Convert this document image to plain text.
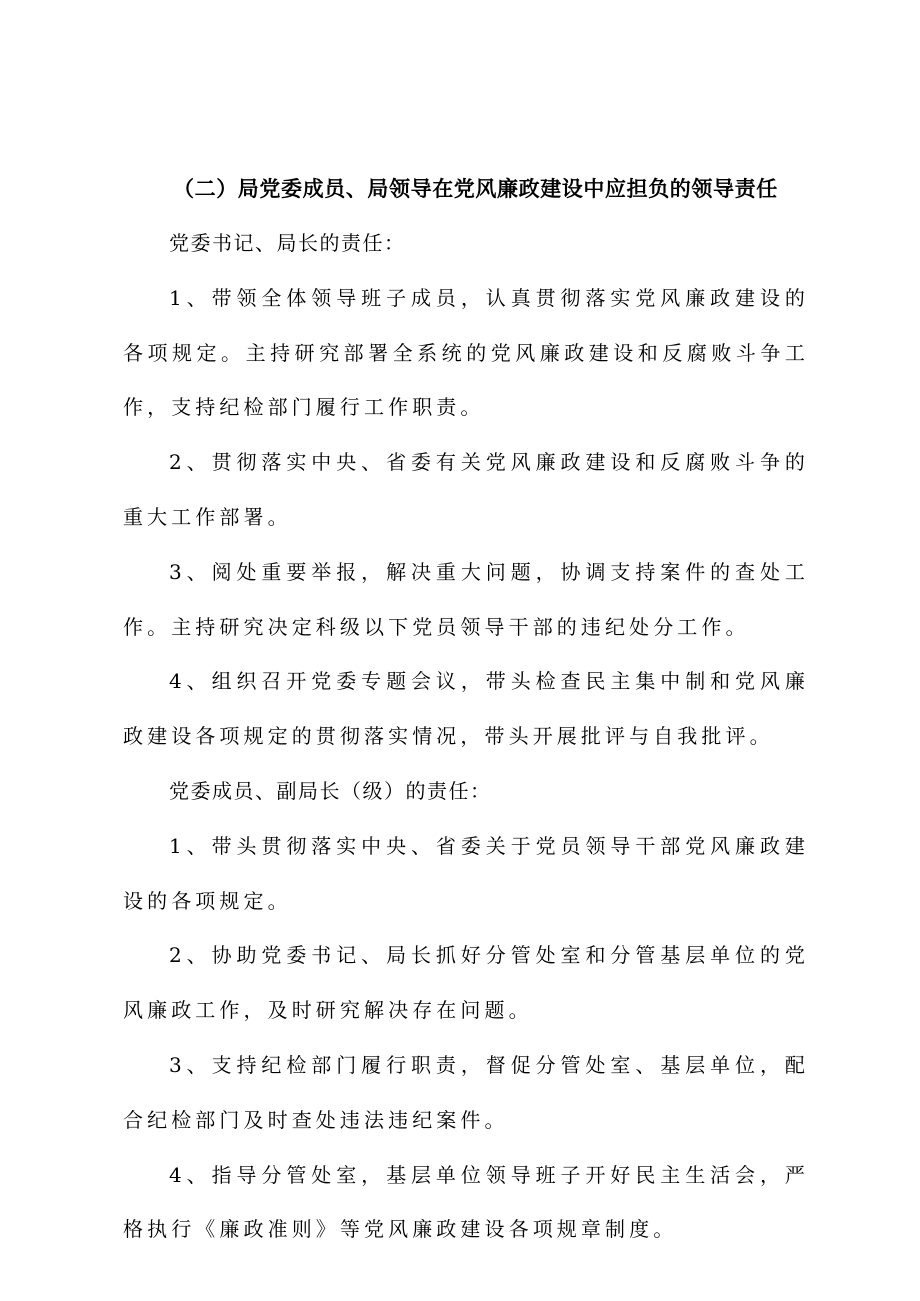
（二）局党委成员、局领导在党风廉政建设中应担负的领导责任

党委书记、局长的责任：

1、带领全体领导班子成员，认真贯彻落实党风廉政建设的各项规定。主持研究部署全系统的党风廉政建设和反腐败斗争工作，支持纪检部门履行工作职责。

2、贯彻落实中央、省委有关党风廉政建设和反腐败斗争的重大工作部署。

3、阅处重要举报，解决重大问题，协调支持案件的查处工作。主持研究决定科级以下党员领导干部的违纪处分工作。

4、组织召开党委专题会议，带头检查民主集中制和党风廉政建设各项规定的贯彻落实情况，带头开展批评与自我批评。

党委成员、副局长（级）的责任：

1、带头贯彻落实中央、省委关于党员领导干部党风廉政建设的各项规定。

2、协助党委书记、局长抓好分管处室和分管基层单位的党风廉政工作，及时研究解决存在问题。

3、支持纪检部门履行职责，督促分管处室、基层单位，配合纪检部门及时查处违法违纪案件。

4、指导分管处室，基层单位领导班子开好民主生活会，严格执行《廉政准则》等党风廉政建设各项规章制度。
